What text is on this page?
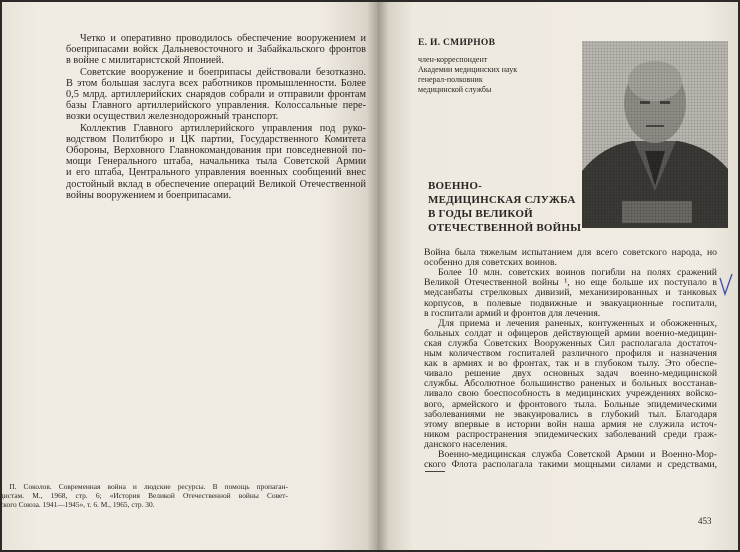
Четко и оперативно проводилось обеспечение вооружением и
боеприпасами войск Дальневосточного и Забайкальского фронтов
в войне с милитаристской Японией.
Советские вооружение и боеприпасы действовали безотказно.
В этом большая заслуга всех работников промышленности. Более
0,5 млрд. артиллерийских снарядов собрали и отправили фронтам
базы Главного артиллерийского управления. Колоссальные пере-
возки осуществил железнодорожный транспорт.
Коллектив Главного артиллерийского управления под руко-
водством Политбюро и ЦК партии, Государственного Комитета
Обороны, Верховного Главнокомандования при повседневной по-
мощи Генерального штаба, начальника тыла Советской Армии
и его штаба, Центрального управления военных сообщений внес
достойный вклад в обеспечение операций Великой Отечественной
войны вооружением и боеприпасами.
Е. И. СМИРНОВ
член-корреспондент
Академии медицинских наук
генерал-полковник
медицинской службы
ВОЕННО-
МЕДИЦИНСКАЯ СЛУЖБА
В ГОДЫ ВЕЛИКОЙ
ОТЕЧЕСТВЕННОЙ ВОЙНЫ
Война была тяжелым испытанием для всего советского народа, но
особенно для советских воинов.
Более 10 млн. советских воинов погибли на полях сражений
Великой Отечественной войны ¹, но еще больше их поступало в
медсанбаты стрелковых дивизий, механизированных и танковых
корпусов, в полевые подвижные и эвакуационные госпитали,
в госпитали армий и фронтов для лечения.
Для приема и лечения раненых, контуженных и обожженных,
больных солдат и офицеров действующей армии военно-медицин-
ская служба Советских Вооруженных Сил располагала достаточ-
ным количеством госпиталей различного профиля и назначения
как в армиях и во фронтах, так и в глубоком тылу. Это обеспе-
чивало решение двух основных задач военно-медицинской
службы. Абсолютное большинство раненых и больных восстанав-
ливало свою боеспособность в медицинских учреждениях войско-
вого, армейского и фронтового тыла. Больные эпидемическими
заболеваниями не эвакуировались в глубокий тыл. Благодаря
этому впервые в истории войн наша армия не служила источ-
ником распространения эпидемических заболеваний среди граж-
данского населения.
Военно-медицинская служба Советской Армии и Военно-Мор-
ского Флота располагала такими мощными силами и средствами,
¹ П. Соколов. Современная война и людские ресурсы. В помощь пропаган-
дистам. М., 1968, стр. 6; «История Великой Отечественной войны Совет-
ского Союза. 1941—1945», т. 6. М., 1965, стр. 30.
453
